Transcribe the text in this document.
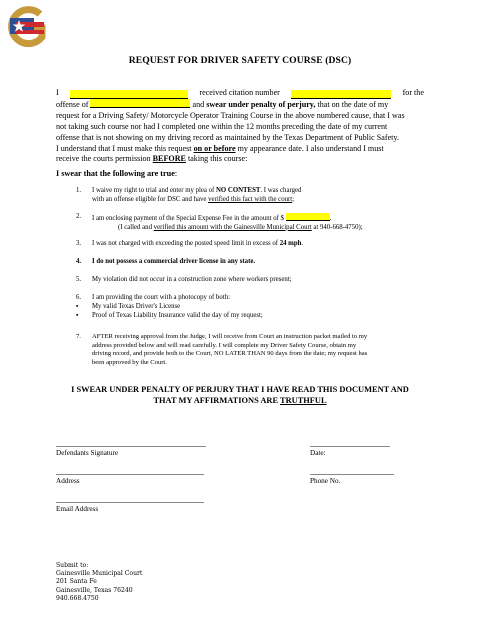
REQUEST FOR DRIVER SAFETY COURSE (DSC)
I	received citation number	for the
offense of	and swear under penalty of perjury, that on the date of my
request for a Driving Safety/ Motorcycle Operator Training Course in the above numbered cause, that I was
not taking such course nor had I completed one within the 12 months preceding the date of my current
offense that is not showing on my driving record as maintained by the Texas Department of Public Safety.
I understand that I must make this request on or before my appearance date. I also understand I must
receive the courts permission BEFORE taking this course:
I swear that the following are true:
1. I waive my right to trial and enter my plea of NO CONTEST. I was charged
with an offense eligible for DSC and have verified this fact with the court;
2. I am enclosing payment of the Special Expense Fee in the amount of $	.
(I called and verified this amount with the Gainesville Municipal Court at 940-668-4750);
3. I was not charged with exceeding the posted speed limit in excess of 24 mph.
4. I do not possess a commercial driver license in any state.
5. My violation did not occur in a construction zone where workers present;
6. I am providing the court with a photocopy of both:
▪ My valid Texas Driver's License
▪ Proof of Texas Liability Insurance valid the day of my request;
7. AFTER receiving approval from the Judge, I will receive from Court an instruction packet mailed to my
address provided below and will read carefully. I will complete my Driver Safety Course, obtain my
driving record, and provide both to the Court, NO LATER THAN 90 days from the date; my request has
been approved by the Court.
I SWEAR UNDER PENALTY OF PERJURY THAT I HAVE READ THIS DOCUMENT AND
THAT MY AFFIRMATIONS ARE TRUTHFUL
Defendants Signature	Date:
Address	Phone No.
Email Address
Submit to:
Gainesville Municipal Court
201 Santa Fe
Gainesville, Texas 76240
940.668.4750
